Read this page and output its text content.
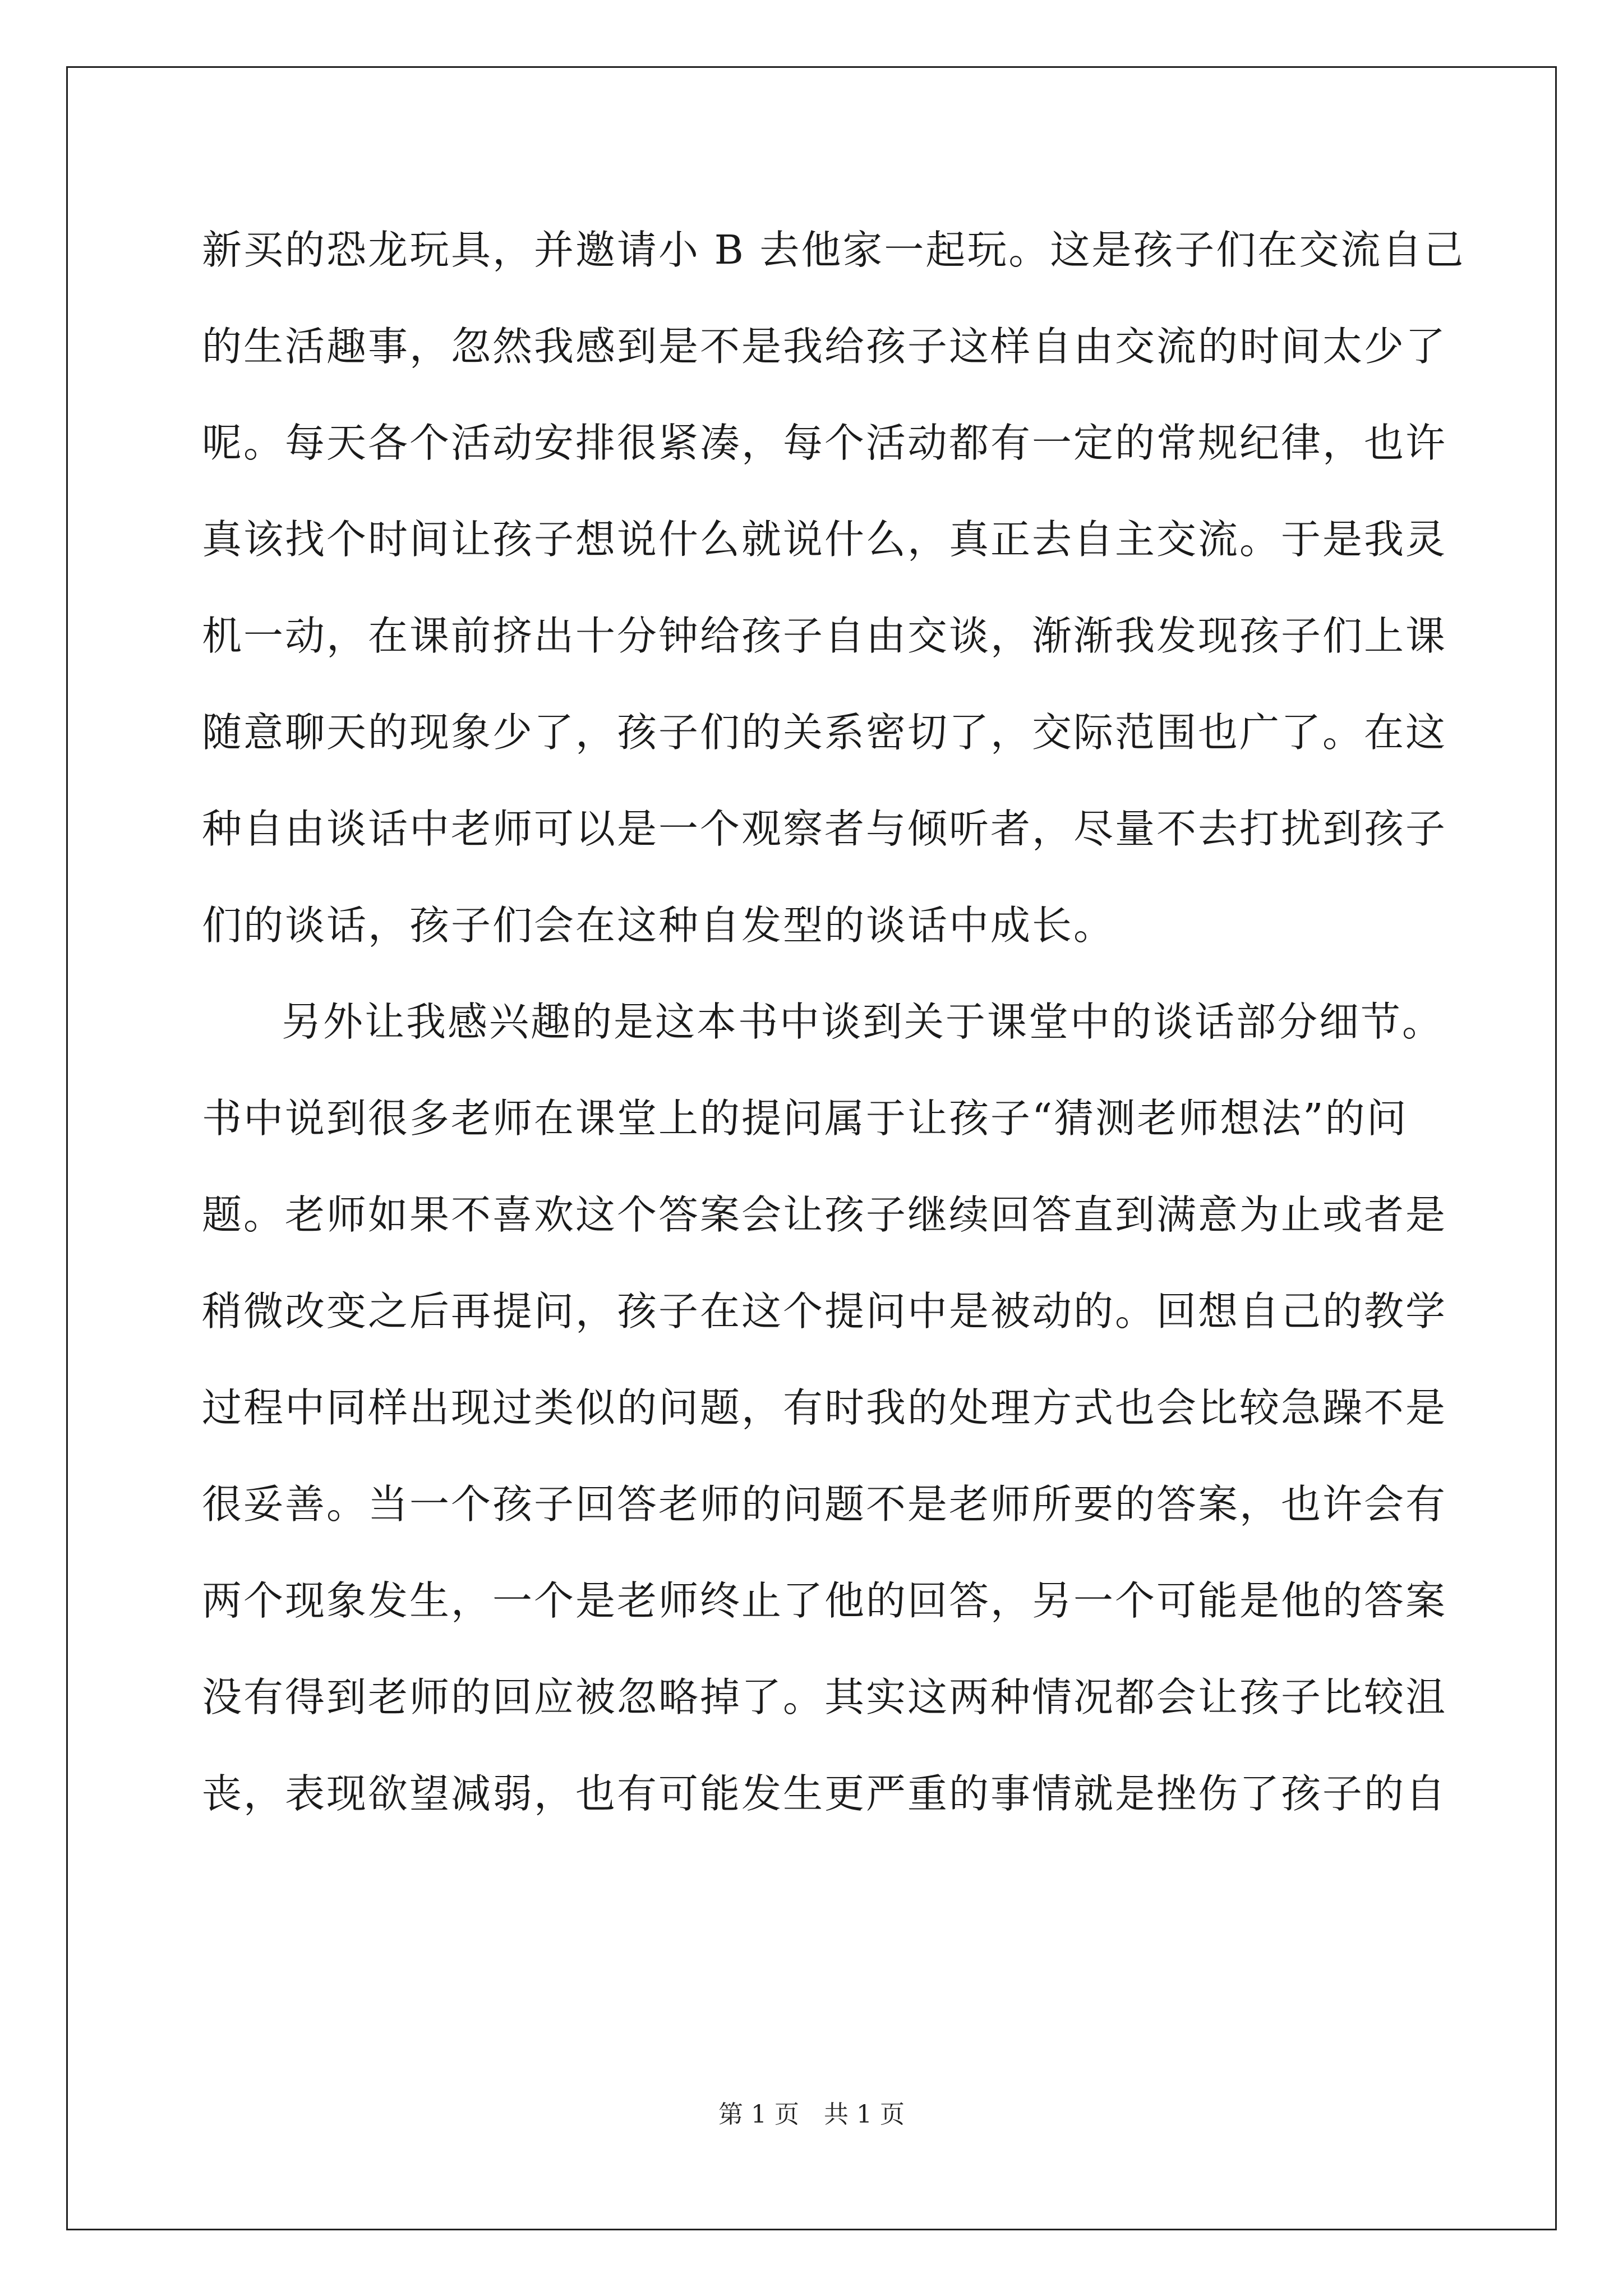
新买的恐龙玩具，并邀请小 B 去他家一起玩。这是孩子们在交流自己
的生活趣事，忽然我感到是不是我给孩子这样自由交流的时间太少了
呢。每天各个活动安排很紧凑，每个活动都有一定的常规纪律，也许
真该找个时间让孩子想说什么就说什么，真正去自主交流。于是我灵
机一动，在课前挤出十分钟给孩子自由交谈，渐渐我发现孩子们上课
随意聊天的现象少了，孩子们的关系密切了，交际范围也广了。在这
种自由谈话中老师可以是一个观察者与倾听者，尽量不去打扰到孩子
们的谈话，孩子们会在这种自发型的谈话中成长。
另外让我感兴趣的是这本书中谈到关于课堂中的谈话部分细节。
书中说到很多老师在课堂上的提问属于让孩子“猜测老师想法”的问
题。老师如果不喜欢这个答案会让孩子继续回答直到满意为止或者是
稍微改变之后再提问，孩子在这个提问中是被动的。回想自己的教学
过程中同样出现过类似的问题，有时我的处理方式也会比较急躁不是
很妥善。当一个孩子回答老师的问题不是老师所要的答案，也许会有
两个现象发生，一个是老师终止了他的回答，另一个可能是他的答案
没有得到老师的回应被忽略掉了。其实这两种情况都会让孩子比较沮
丧，表现欲望减弱，也有可能发生更严重的事情就是挫伤了孩子的自
第 1 页　共 1 页
